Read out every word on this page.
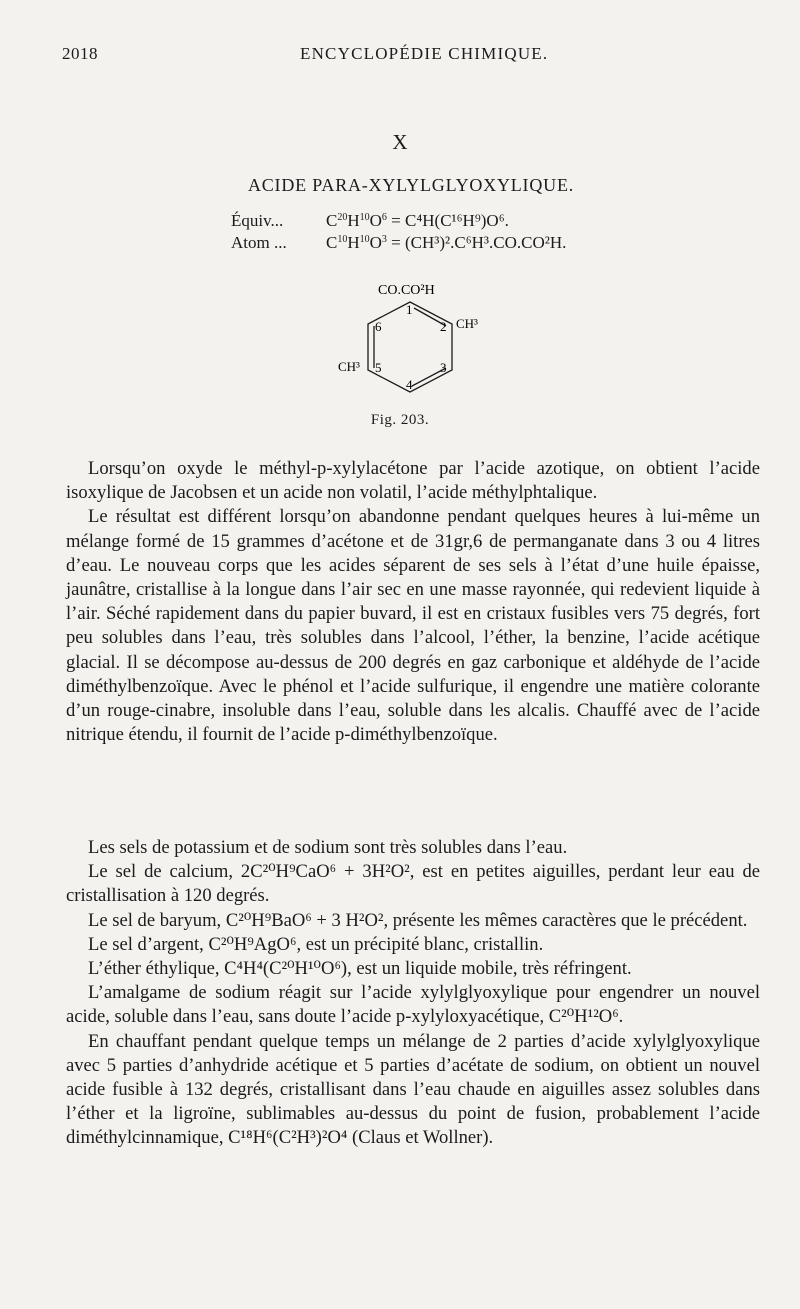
2018	ENCYCLOPÉDIE CHIMIQUE.
X
ACIDE PARA-XYLYLGLYOXYLIQUE.
Équiv...	$C^{20}H^{10}O^6 = C^4H(C^{16}H^9)O^6$.
Atom ... $C^{10}H^{10}O^3 = (CH^3)^2.C^6H^3.CO.CO^2H$.
CO.CO²H
CH³
CH³
1
2
3
4
5
6
Fig. 203.

Lorsqu’on oxyde le méthyl-p-xylylacétone par l’acide azotique, on obtient l’acide isoxylique de Jacobsen et un acide non volatil, l’acide méthylphtalique.

Le résultat est différent lorsqu’on abandonne pendant quelques heures à lui-même un mélange formé de 15 grammes d’acétone et de 31gr,6 de permanganate dans 3 ou 4 litres d’eau. Le nouveau corps que les acides séparent de ses sels à l’état d’une huile épaisse, jaunâtre, cristallise à la longue dans l’air sec en une masse rayonnée, qui redevient liquide à l’air. Séché rapidement dans du papier buvard, il est en cristaux fusibles vers 75 degrés, fort peu solubles dans l’eau, très solubles dans l’alcool, l’éther, la benzine, l’acide acétique glacial. Il se décompose au-dessus de 200 degrés en gaz carbonique et aldéhyde de l’acide diméthylbenzoïque. Avec le phénol et l’acide sulfurique, il engendre une matière colorante d’un rouge-cinabre, insoluble dans l’eau, soluble dans les alcalis. Chauffé avec de l’acide nitrique étendu, il fournit de l’acide p-diméthylbenzoïque.

Les sels de potassium et de sodium sont très solubles dans l’eau.

Le sel de calcium, 2C²⁰H⁹CaO⁶ + 3H²O², est en petites aiguilles, perdant leur eau de cristallisation à 120 degrés.

Le sel de baryum, C²⁰H⁹BaO⁶ + 3 H²O², présente les mêmes caractères que le précédent.

Le sel d’argent, C²⁰H⁹AgO⁶, est un précipité blanc, cristallin.

L’éther éthylique, C⁴H⁴(C²⁰H¹⁰O⁶), est un liquide mobile, très réfringent.

L’amalgame de sodium réagit sur l’acide xylylglyoxylique pour engendrer un nouvel acide, soluble dans l’eau, sans doute l’acide p-xylyloxyacétique, C²⁰H¹²O⁶.

En chauffant pendant quelque temps un mélange de 2 parties d’acide xylylglyoxylique avec 5 parties d’anhydride acétique et 5 parties d’acétate de sodium, on obtient un nouvel acide fusible à 132 degrés, cristallisant dans l’eau chaude en aiguilles assez solubles dans l’éther et la ligroïne, sublimables au-dessus du point de fusion, probablement l’acide diméthylcinnamique, C¹⁸H⁶(C²H³)²O⁴ (Claus et Wollner).
